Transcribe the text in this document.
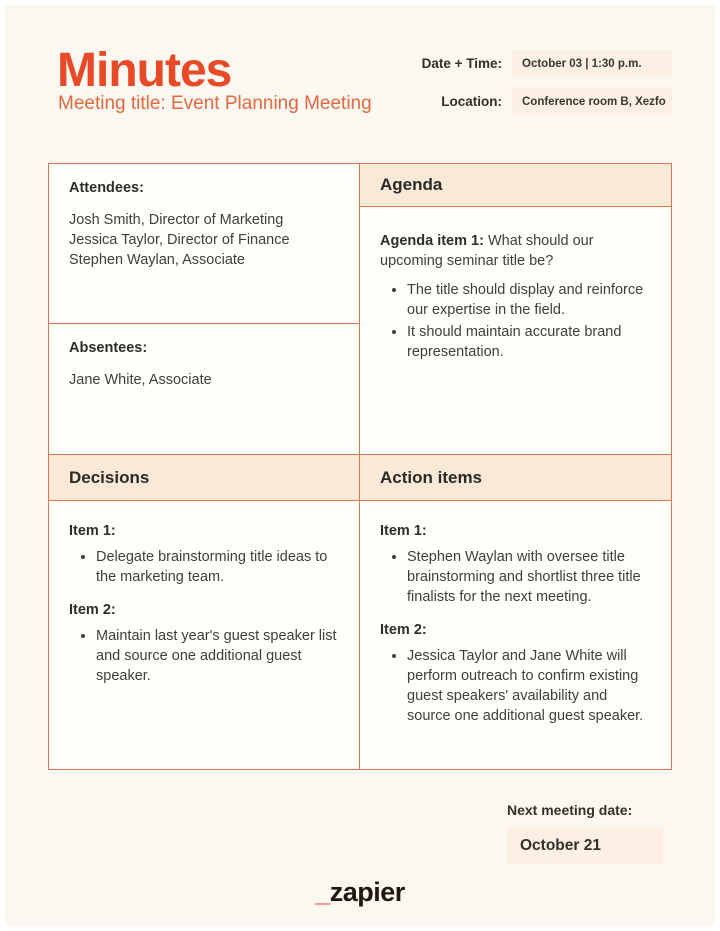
Minutes
Meeting title: Event Planning Meeting
Date + Time:	October 03 | 1:30 p.m.
Location:	Conference room B, Xezfo
Attendees:
Josh Smith, Director of Marketing
Jessica Taylor, Director of Finance
Stephen Waylan, Associate
Absentees:
Jane White, Associate
Agenda
Agenda item 1: What should our upcoming seminar title be?
• The title should display and reinforce our expertise in the field.
• It should maintain accurate brand representation.
Decisions	Action items
Item 1:
• Delegate brainstorming title ideas to the marketing team.
Item 2:
• Maintain last year's guest speaker list and source one additional guest speaker.
Item 1:
• Stephen Waylan with oversee title brainstorming and shortlist three title finalists for the next meeting.
Item 2:
• Jessica Taylor and Jane White will perform outreach to confirm existing guest speakers' availability and source one additional guest speaker.
Next meeting date:
October 21
_zapier
